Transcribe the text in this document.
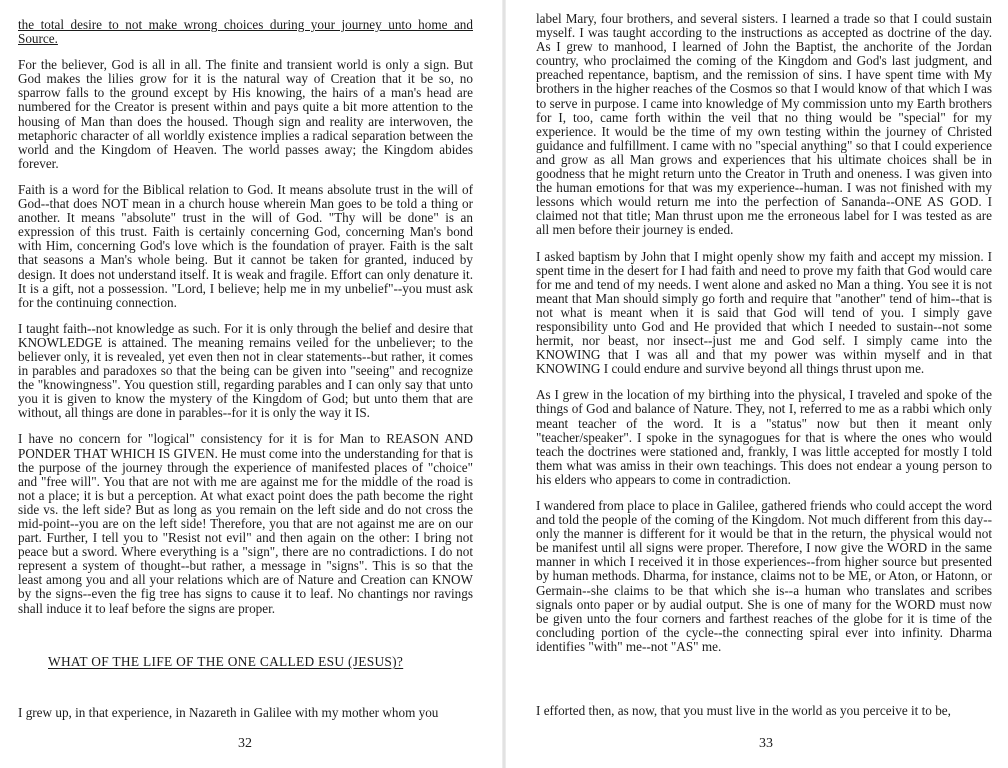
the total desire to not make wrong choices during your journey unto home and Source.

For the believer, God is all in all. The finite and transient world is only a sign. But God makes the lilies grow for it is the natural way of Creation that it be so, no sparrow falls to the ground except by His knowing, the hairs of a man's head are numbered for the Creator is present within and pays quite a bit more attention to the housing of Man than does the housed. Though sign and reality are interwoven, the metaphoric character of all worldly existence implies a radical separation between the world and the Kingdom of Heaven. The world passes away; the Kingdom abides forever.

Faith is a word for the Biblical relation to God. It means absolute trust in the will of God--that does NOT mean in a church house wherein Man goes to be told a thing or another. It means "absolute" trust in the will of God. "Thy will be done" is an expression of this trust. Faith is certainly concerning God, concerning Man's bond with Him, concerning God's love which is the foundation of prayer. Faith is the salt that seasons a Man's whole being. But it cannot be taken for granted, induced by design. It does not understand itself. It is weak and fragile. Effort can only denature it. It is a gift, not a possession. "Lord, I believe; help me in my unbelief"--you must ask for the continuing connection.

I taught faith--not knowledge as such. For it is only through the belief and desire that KNOWLEDGE is attained. The meaning remains veiled for the unbeliever; to the believer only, it is revealed, yet even then not in clear statements--but rather, it comes in parables and paradoxes so that the being can be given into "seeing" and recognize the "knowingness". You question still, regarding parables and I can only say that unto you it is given to know the mystery of the Kingdom of God; but unto them that are without, all things are done in parables--for it is only the way it IS.

I have no concern for "logical" consistency for it is for Man to REASON AND PONDER THAT WHICH IS GIVEN. He must come into the understanding for that is the purpose of the journey through the experience of manifested places of "choice" and "free will". You that are not with me are against me for the middle of the road is not a place; it is but a perception. At what exact point does the path become the right side vs. the left side? But as long as you remain on the left side and do not cross the mid-point--you are on the left side! Therefore, you that are not against me are on our part. Further, I tell you to "Resist not evil" and then again on the other: I bring not peace but a sword. Where everything is a "sign", there are no contradictions. I do not represent a system of thought--but rather, a message in "signs". This is so that the least among you and all your relations which are of Nature and Creation can KNOW by the signs--even the fig tree has signs to cause it to leaf. No chantings nor ravings shall induce it to leaf before the signs are proper.

WHAT OF THE LIFE OF THE ONE CALLED ESU (JESUS)?
I grew up, in that experience, in Nazareth in Galilee with my mother whom you
32

label Mary, four brothers, and several sisters. I learned a trade so that I could sustain myself. I was taught according to the instructions as accepted as doctrine of the day. As I grew to manhood, I learned of John the Baptist, the anchorite of the Jordan country, who proclaimed the coming of the Kingdom and God's last judgment, and preached repentance, baptism, and the remission of sins. I have spent time with My brothers in the higher reaches of the Cosmos so that I would know of that which I was to serve in purpose. I came into knowledge of My commission unto my Earth brothers for I, too, came forth within the veil that no thing would be "special" for my experience. It would be the time of my own testing within the journey of Christed guidance and fulfillment. I came with no "special anything" so that I could experience and grow as all Man grows and experiences that his ultimate choices shall be in goodness that he might return unto the Creator in Truth and oneness. I was given into the human emotions for that was my experience--human. I was not finished with my lessons which would return me into the perfection of Sananda--ONE AS GOD. I claimed not that title; Man thrust upon me the erroneous label for I was tested as are all men before their journey is ended.

I asked baptism by John that I might openly show my faith and accept my mission. I spent time in the desert for I had faith and need to prove my faith that God would care for me and tend of my needs. I went alone and asked no Man a thing. You see it is not meant that Man should simply go forth and require that "another" tend of him--that is not what is meant when it is said that God will tend of you. I simply gave responsibility unto God and He provided that which I needed to sustain--not some hermit, nor beast, nor insect--just me and God self. I simply came into the KNOWING that I was all and that my power was within myself and in that KNOWING I could endure and survive beyond all things thrust upon me.

As I grew in the location of my birthing into the physical, I traveled and spoke of the things of God and balance of Nature. They, not I, referred to me as a rabbi which only meant teacher of the word. It is a "status" now but then it meant only "teacher/speaker". I spoke in the synagogues for that is where the ones who would teach the doctrines were stationed and, frankly, I was little accepted for mostly I told them what was amiss in their own teachings. This does not endear a young person to his elders who appears to come in contradiction.

I wandered from place to place in Galilee, gathered friends who could accept the word and told the people of the coming of the Kingdom. Not much different from this day--only the manner is different for it would be that in the return, the physical would not be manifest until all signs were proper. Therefore, I now give the WORD in the same manner in which I received it in those experiences--from higher source but presented by human methods. Dharma, for instance, claims not to be ME, or Aton, or Hatonn, or Germain--she claims to be that which she is--a human who translates and scribes signals onto paper or by audial output. She is one of many for the WORD must now be given unto the four corners and farthest reaches of the globe for it is time of the concluding portion of the cycle--the connecting spiral ever into infinity. Dharma identifies "with" me--not "AS" me.

I efforted then, as now, that you must live in the world as you perceive it to be,
33
